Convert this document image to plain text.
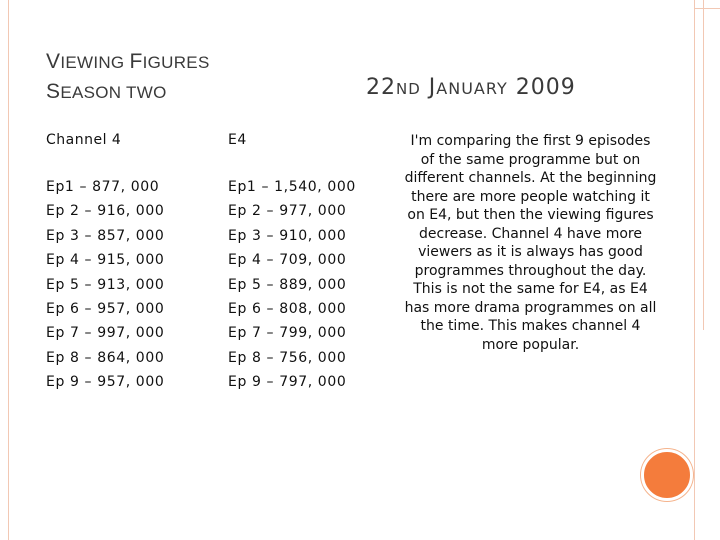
VIEWING FIGURES
SEASON TWO	22ND JANUARY 2009
Channel 4	E4
Ep1 – 877, 000
Ep 2 – 916, 000
Ep 3 – 857, 000
Ep 4 – 915, 000
Ep 5 – 913, 000
Ep 6 – 957, 000
Ep 7 – 997, 000
Ep 8 – 864, 000
Ep 9 – 957, 000
Ep1 – 1,540, 000
Ep 2 – 977, 000
Ep 3 – 910, 000
Ep 4 – 709, 000
Ep 5 – 889, 000
Ep 6 – 808, 000
Ep 7 – 799, 000
Ep 8 – 756, 000
Ep 9 – 797, 000
I'm comparing the first 9 episodes of the same programme but on different channels. At the beginning there are more people watching it on E4, but then the viewing figures decrease. Channel 4 have more viewers as it is always has good programmes throughout the day. This is not the same for E4, as E4 has more drama programmes on all the time. This makes channel 4 more popular.
